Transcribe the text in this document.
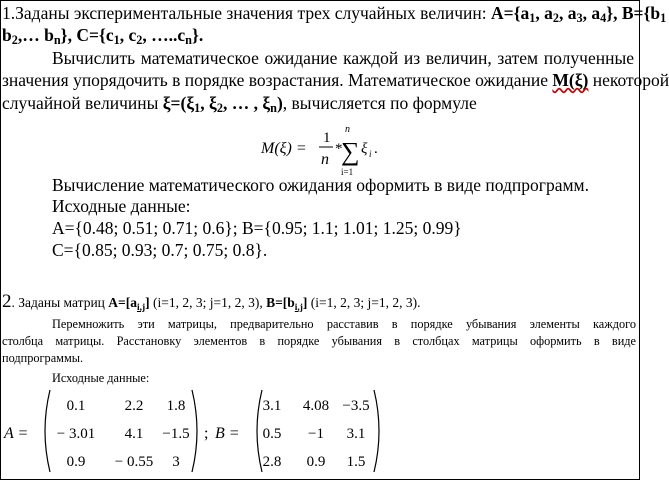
1.Заданы экспериментальные значения трех случайных величин: $A=\{a_1$, $a_2$, $a_3$, $a_4$}, $B=\{b_1$
$b_2,\dots$ $b_n$}, $C=\{c_1$, $c_2$, $\dots..c_n$}.
Вычислить математическое ожидание каждой из величин, затем полученные
значения упорядочить в порядке возрастания. Математическое ожидание M(ξ) некоторой
случайной величины $\xi=(\xi_1$, $\xi_2$, … , $\xi_n$), вычисляется по формуле
M(ξ) =
1
n
*
n
∑
i=1
ξ i .
Вычисление математического ожидания оформить в виде подпрограмм.
Исходные данные:
A={0.48; 0.51; 0.71; 0.6}; B={0.95; 1.1; 1.01; 1.25; 0.99}
C={0.85; 0.93; 0.7; 0.75; 0.8}.
2. Заданы матриц $A=[a_{i,j}]$ (i=1, 2, 3; j=1, 2, 3), $B=[b_{i,j}]$ (i=1, 2, 3; j=1, 2, 3).
Перемножить эти матрицы, предварительно расставив в порядке убывания элементы каждого
столбца матрицы. Расстановку элементов в порядке убывания в столбцах матрицы оформить в виде
подпрограммы.
Исходные данные:
A =
0.1	2.2 1.8
− 3.01 4.1 −1.5
0.9 − 0.55 3
; B =
3.1 4.08 −3.5
0.5 −1 3.1
2.8 0.9 1.5
